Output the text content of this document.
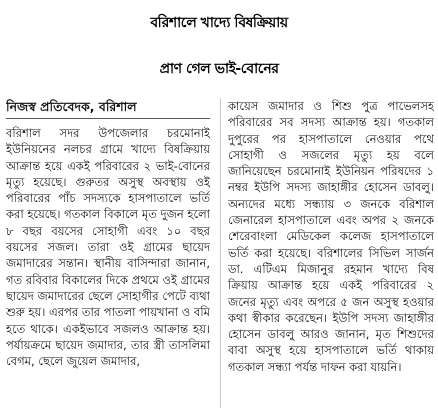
বরিশালে খাদ্যে বিষক্রিয়ায়
প্রাণ গেল ভাই-বোনের
নিজস্ব প্রতিবেদক, বরিশাল

বরিশাল সদর উপজেলার চরমোনাই ইউনিয়নের নলচর গ্রামে খাদ্যে বিষক্রিয়ায় আক্রান্ত হয়ে একই পরিবারের ২ ভাই-বোনের মৃত্যু হয়েছে। গুরুতর অসুস্থ অবস্থায় ওই পরিবারের পাঁচ সদস্যকে হাসপাতালে ভর্তি করা হয়েছে। গতকাল বিকালে মৃত দুজন হলো ৮ বছর বয়সের সোহাগী এবং ১০ বছর বয়সের সজল। তারা ওই গ্রামের ছায়েদ জমাদারের সন্তান। স্থানীয় বাসিন্দারা জানান, গত রবিবার বিকালের দিকে প্রথমে ওই গ্রামের ছায়েদ জমাদারের ছেলে সোহাগীর পেটে ব্যথা শুরু হয়। এরপর তার পাতলা পায়খানা ও বমি হতে থাকে। একইভাবে সজলও আক্রান্ত হয়। পর্যায়ক্রমে ছায়েদ জমাদার, তার স্ত্রী তাসলিমা বেগম, ছেলে জুয়েল জমাদার,

কায়েস জমাদার ও শিশু পুত্র পাভেলসহ পরিবারের সব সদস্য আক্রান্ত হয়। গতকাল দুপুরের পর হাসপাতালে নেওয়ার পথে সোহাগী ও সজলের মৃত্যু হয় বলে জানিয়েছেন চরমোনাই ইউনিয়ন পরিষদের ১ নম্বর ইউপি সদস্য জাহাঙ্গীর হোসেন ডাবলু। অন্যদের মধ্যে সন্ধ্যায় ৩ জনকে বরিশাল জেনারেল হাসপাতালে এবং অপর ২ জনকে শেরেবাংলা মেডিকেল কলেজ হাসপাতালে ভর্তি করা হয়েছে। বরিশালের সিভিল সার্জন ডা. এটিএম মিজানুর রহমান খাদ্যে বিষ ক্রিয়ায় আক্রান্ত হয়ে একই পরিবারের ২ জনের মৃত্যু এবং অপরে ৫ জন অসুস্থ হওয়ার কথা স্বীকার করেছেন। ইউপি সদস্য জাহাঙ্গীর হোসেন ডাবলু আরও জানান, মৃত শিশুদের বাবা অসুস্থ হয়ে হাসপাতালে ভর্তি থাকায় গতকাল সন্ধ্যা পর্যন্ত দাফন করা যায়নি।
